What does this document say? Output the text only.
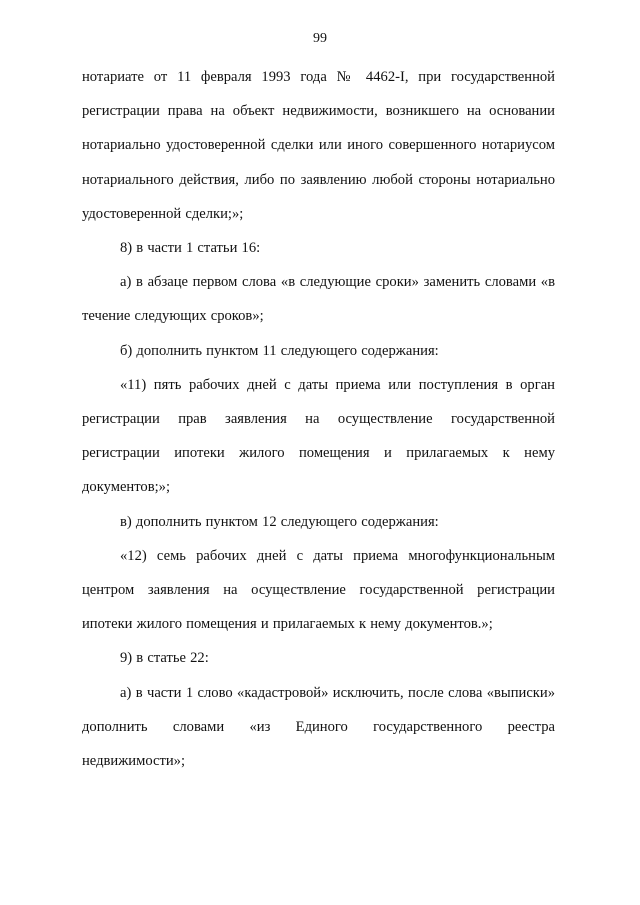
99

нотариате от 11 февраля 1993 года № 4462-I, при государственной регистрации права на объект недвижимости, возникшего на основании нотариально удостоверенной сделки или иного совершенного нотариусом нотариального действия, либо по заявлению любой стороны нотариально удостоверенной сделки;»;

8) в части 1 статьи 16:

а) в абзаце первом слова «в следующие сроки» заменить словами «в течение следующих сроков»;

б) дополнить пунктом 11 следующего содержания:

«11) пять рабочих дней с даты приема или поступления в орган регистрации прав заявления на осуществление государственной регистрации ипотеки жилого помещения и прилагаемых к нему документов;»;

в) дополнить пунктом 12 следующего содержания:

«12) семь рабочих дней с даты приема многофункциональным центром заявления на осуществление государственной регистрации ипотеки жилого помещения и прилагаемых к нему документов.»;

9) в статье 22:

а) в части 1 слово «кадастровой» исключить, после слова «выписки» дополнить словами «из Единого государственного реестра недвижимости»;
